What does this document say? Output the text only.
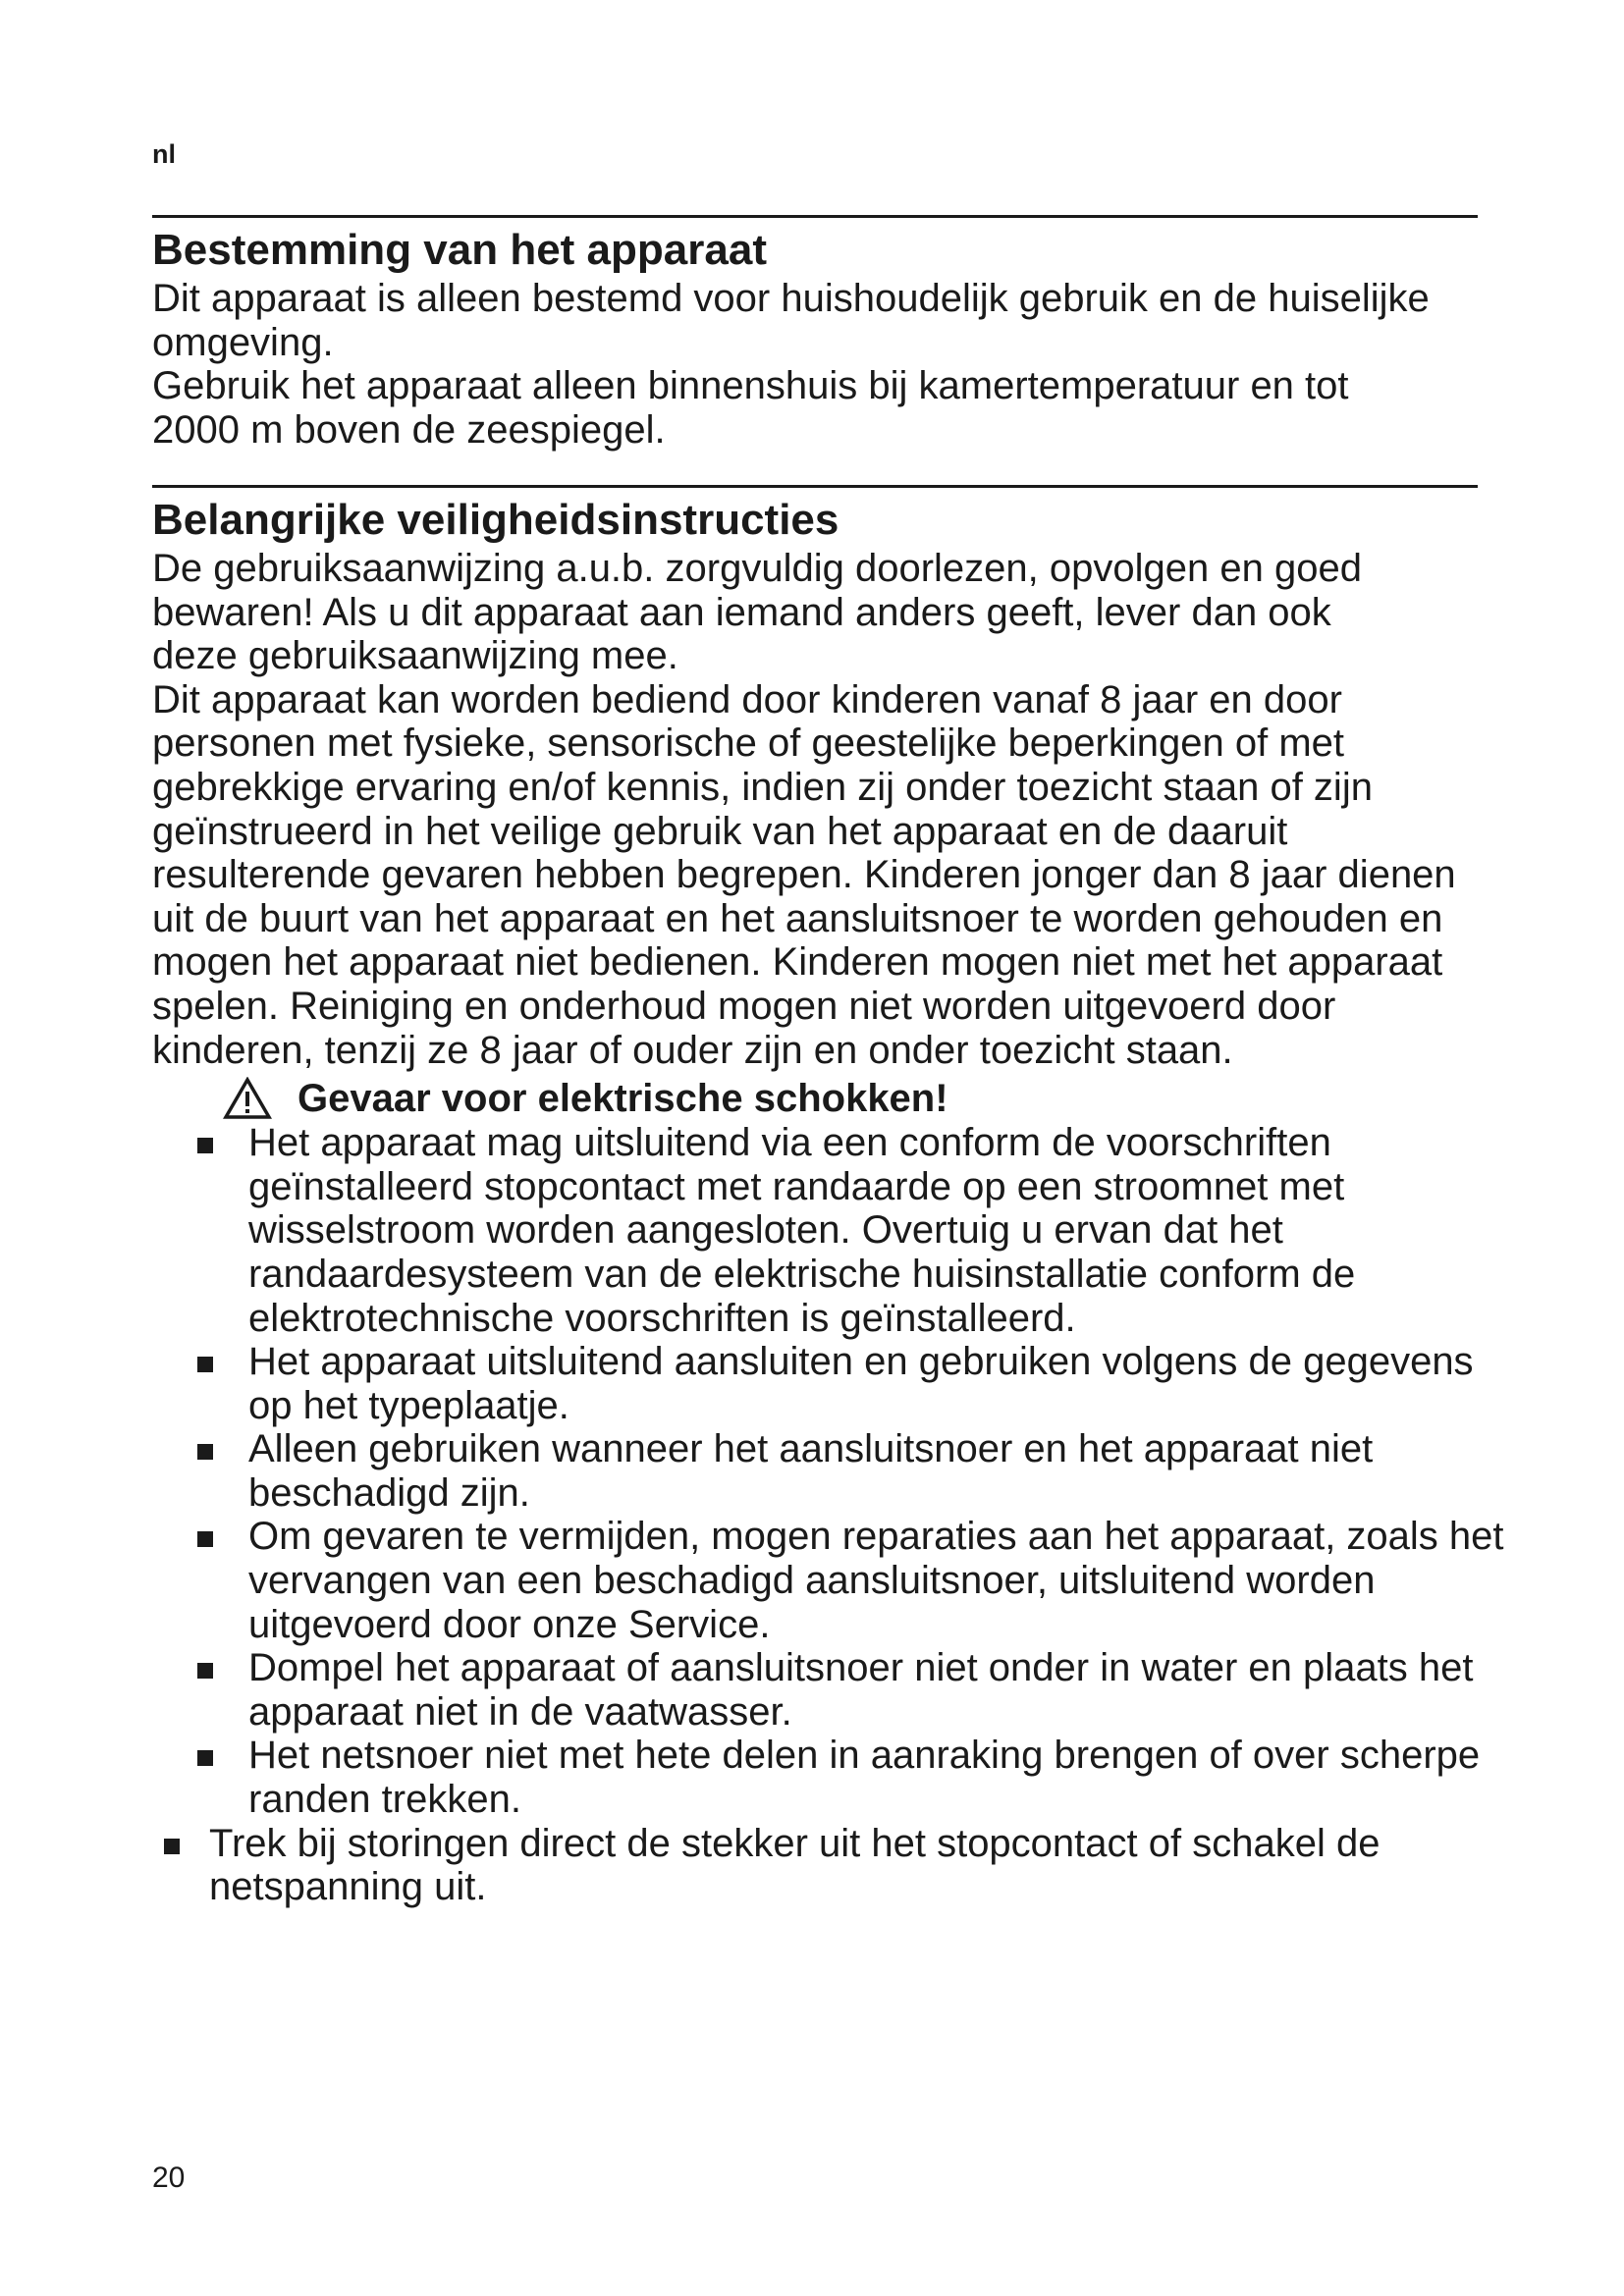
nl
Bestemming van het apparaat

Dit apparaat is alleen bestemd voor huishoudelijk gebruik en de huiselijke omgeving.

Gebruik het apparaat alleen binnenshuis bij kamertemperatuur en tot 2000 m boven de zeespiegel.

Belangrijke veiligheidsinstructies

De gebruiksaanwijzing a.u.b. zorgvuldig doorlezen, opvolgen en goed bewaren! Als u dit apparaat aan iemand anders geeft, lever dan ook deze gebruiksaanwijzing mee.

Dit apparaat kan worden bediend door kinderen vanaf 8 jaar en door personen met fysieke, sensorische of geestelijke beperkingen of met gebrekkige ervaring en/of kennis, indien zij onder toezicht staan of zijn geïnstrueerd in het veilige gebruik van het apparaat en de daaruit resulterende gevaren hebben begrepen. Kinderen jonger dan 8 jaar dienen uit de buurt van het apparaat en het aansluitsnoer te worden gehouden en mogen het apparaat niet bedienen. Kinderen mogen niet met het apparaat spelen. Reiniging en onderhoud mogen niet worden uitgevoerd door kinderen, tenzij ze 8 jaar of ouder zijn en onder toezicht staan.

Gevaar voor elektrische schokken!
Het apparaat mag uitsluitend via een conform de voorschriften geïnstalleerd stopcontact met randaarde op een stroomnet met wisselstroom worden aangesloten. Overtuig u ervan dat het randaardesysteem van de elektrische huisinstallatie conform de elektrotechnische voorschriften is geïnstalleerd.
Het apparaat uitsluitend aansluiten en gebruiken volgens de gegevens op het typeplaatje.
Alleen gebruiken wanneer het aansluitsnoer en het apparaat niet beschadigd zijn.
Om gevaren te vermijden, mogen reparaties aan het apparaat, zoals het vervangen van een beschadigd aansluitsnoer, uitsluitend worden uitgevoerd door onze Service.
Dompel het apparaat of aansluitsnoer niet onder in water en plaats het apparaat niet in de vaatwasser.
Het netsnoer niet met hete delen in aanraking brengen of over scherpe randen trekken.
Trek bij storingen direct de stekker uit het stopcontact of schakel de netspanning uit.
20
